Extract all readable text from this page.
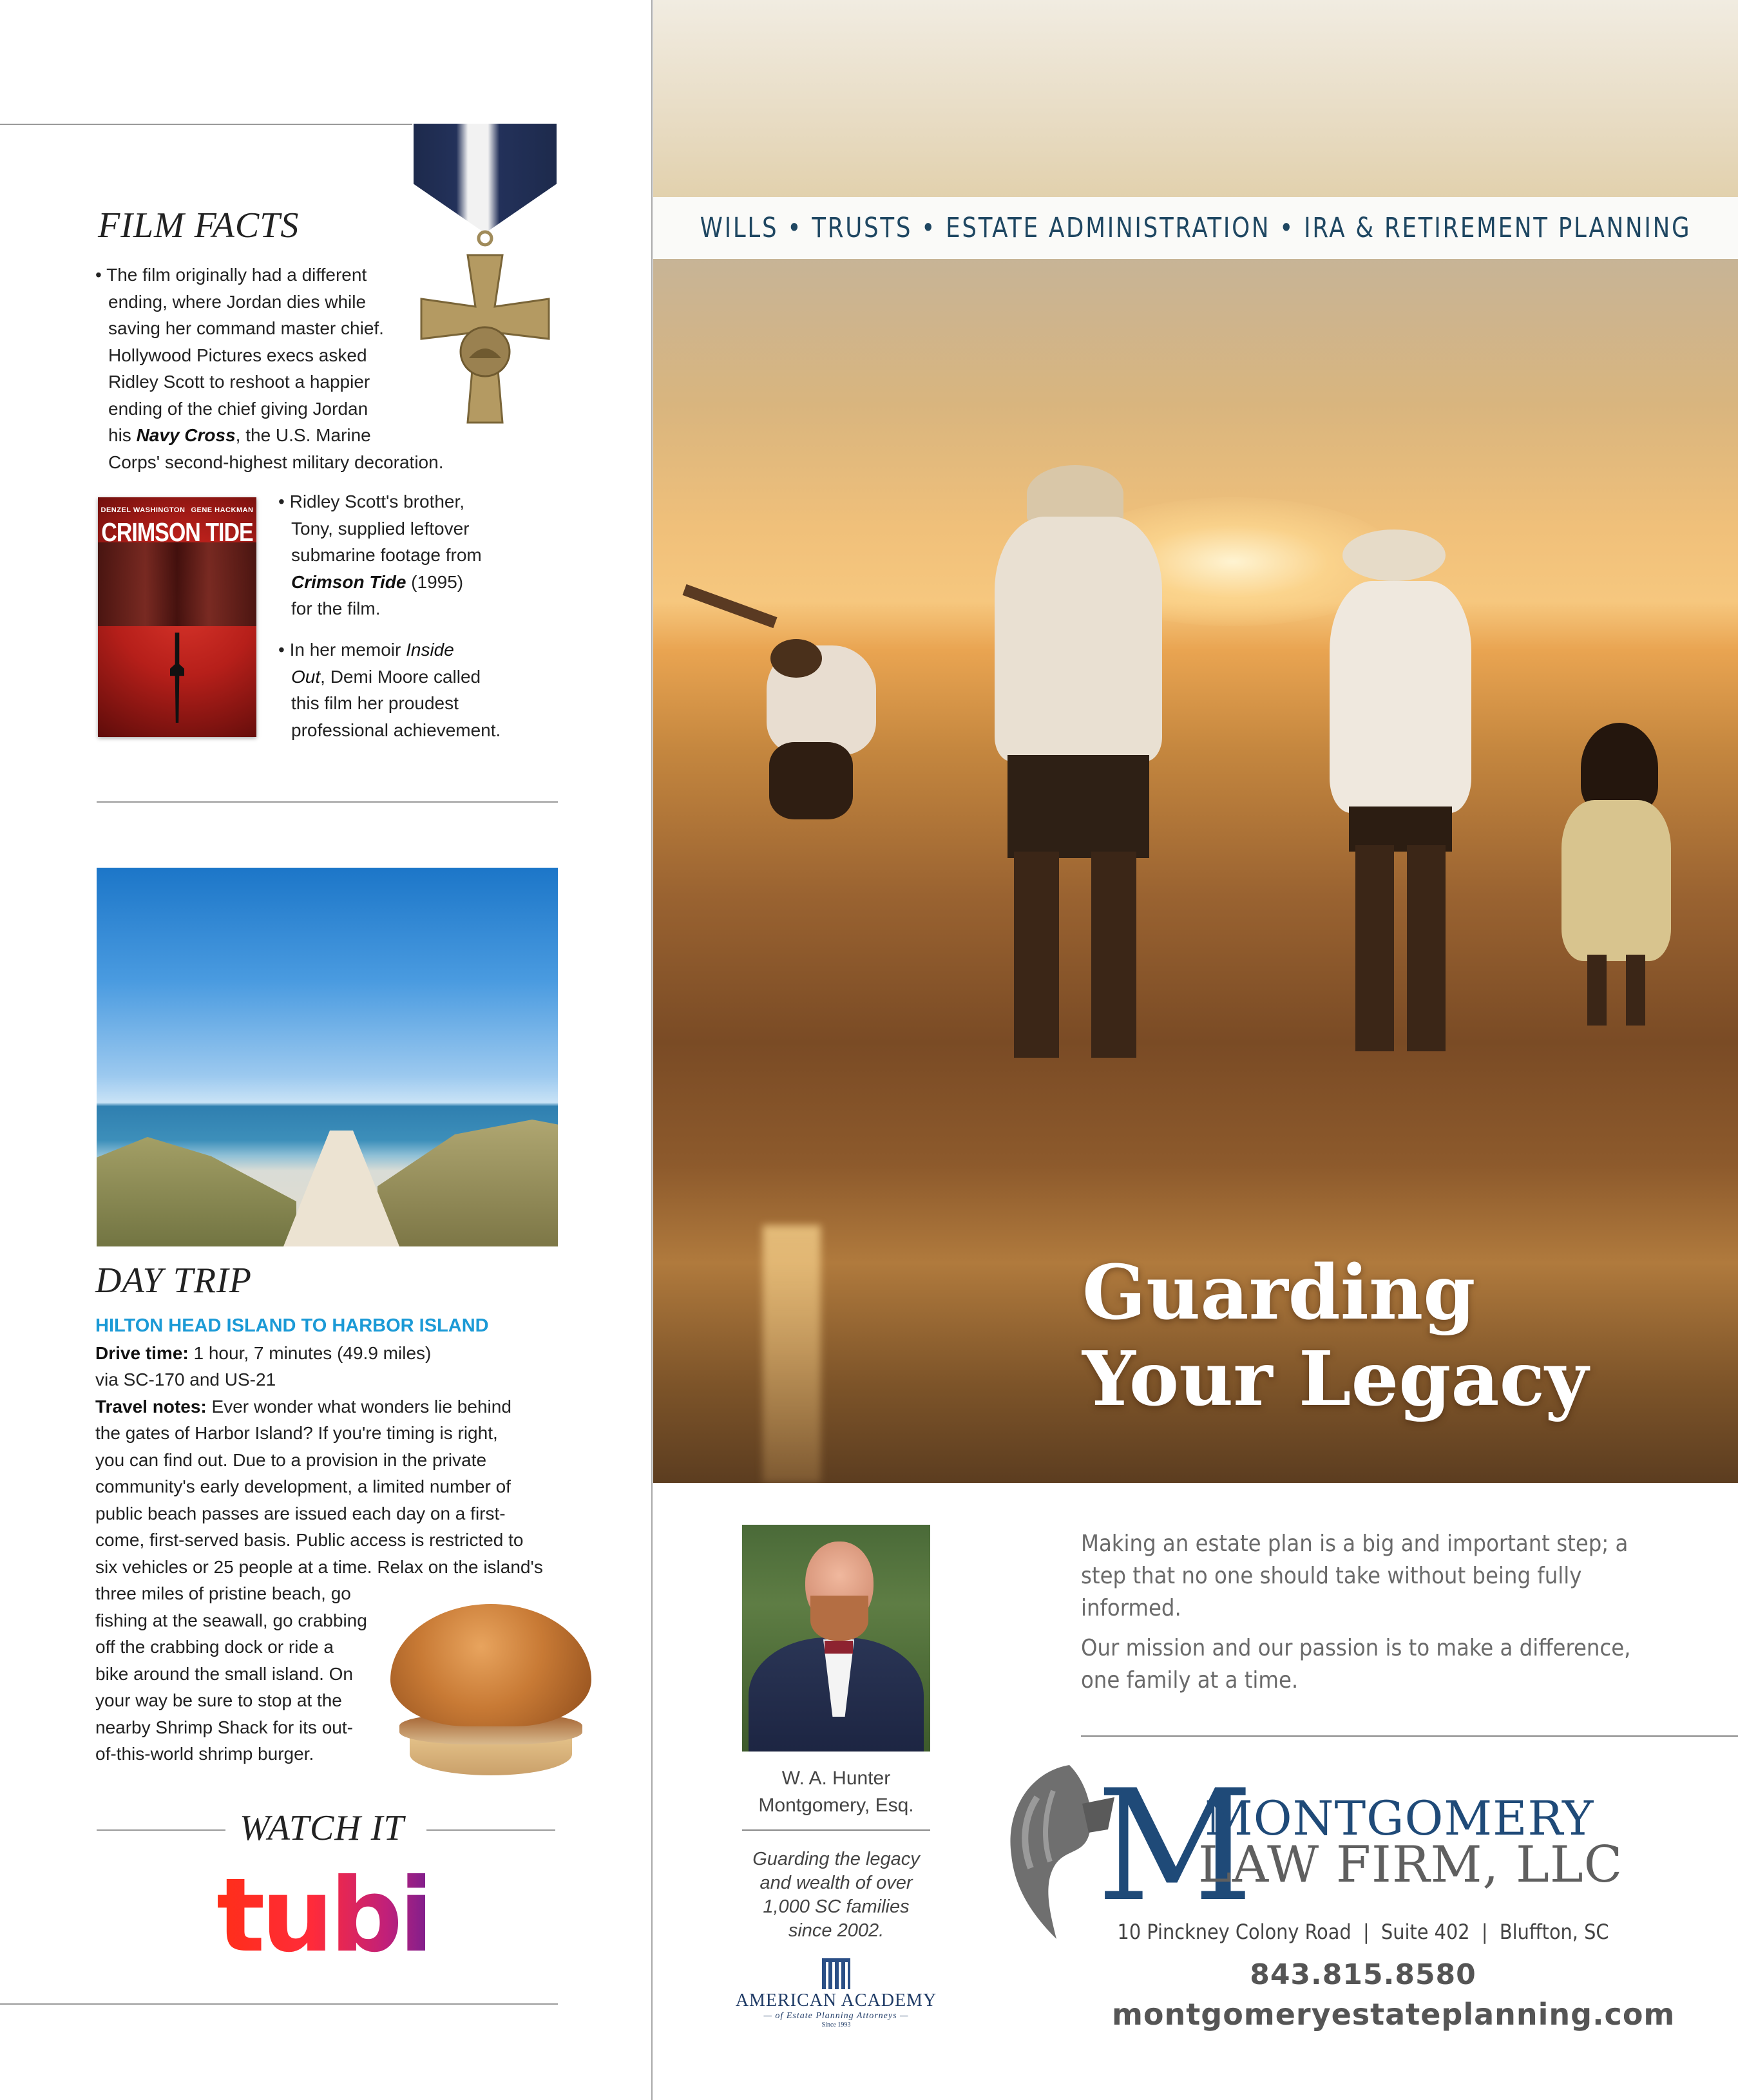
FILM FACTS
• The film originally had a different
ending, where Jordan dies while
saving her command master chief.
Hollywood Pictures execs asked
Ridley Scott to reshoot a happier
ending of the chief giving Jordan
his Navy Cross, the U.S. Marine
Corps' second-highest military decoration.
DENZEL WASHINGTON GENE HACKMAN
CRIMSON TIDE
• Ridley Scott's brother,
Tony, supplied leftover
submarine footage from
Crimson Tide (1995)
for the film.
• In her memoir Inside
Out, Demi Moore called
this film her proudest
professional achievement.
DAY TRIP
HILTON HEAD ISLAND TO HARBOR ISLAND
Drive time: 1 hour, 7 minutes (49.9 miles)
via SC-170 and US-21
Travel notes: Ever wonder what wonders lie behind
the gates of Harbor Island? If you're timing is right,
you can find out. Due to a provision in the private
community's early development, a limited number of
public beach passes are issued each day on a first-
come, first-served basis. Public access is restricted to
six vehicles or 25 people at a time. Relax on the island's
three miles of pristine beach, go
fishing at the seawall, go crabbing
off the crabbing dock or ride a
bike around the small island. On
your way be sure to stop at the
nearby Shrimp Shack for its out-
of-this-world shrimp burger.
WATCH IT
tubi
WILLS • TRUSTS • ESTATE ADMINISTRATION • IRA & RETIREMENT PLANNING
Guarding
Your Legacy
W. A. Hunter
Montgomery, Esq.
Guarding the legacy
and wealth of over
1,000 SC families
since 2002.
AMERICAN ACADEMY
— of Estate Planning Attorneys —
Since 1993

Making an estate plan is a big and important step; a step that no one should take without being fully informed.

Our mission and our passion is to make a difference, one family at a time.

M
MONTGOMERY
LAW FIRM, LLC
10 Pinckney Colony Road  |  Suite 402  |  Bluffton, SC
843.815.8580
montgomeryestateplanning.com
